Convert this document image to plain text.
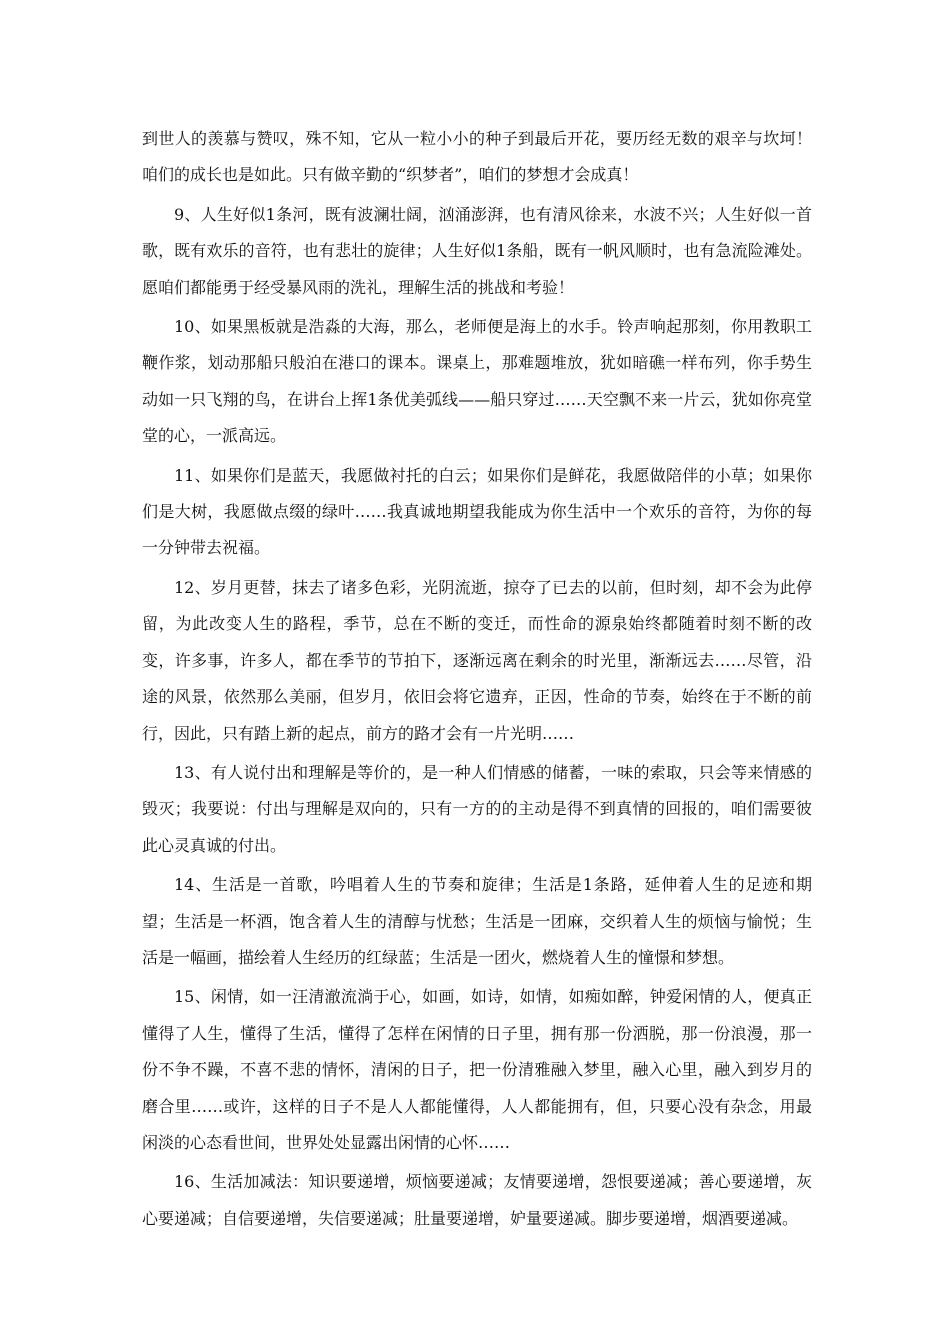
到世人的羡慕与赞叹，殊不知，它从一粒小小的种子到最后开花，要历经无数的艰辛与坎坷！咱们的成长也是如此。只有做辛勤的“织梦者”，咱们的梦想才会成真！

9、人生好似1条河，既有波澜壮阔，汹涌澎湃，也有清风徐来，水波不兴；人生好似一首歌，既有欢乐的音符，也有悲壮的旋律；人生好似1条船，既有一帆风顺时，也有急流险滩处。愿咱们都能勇于经受暴风雨的洗礼，理解生活的挑战和考验！

10、如果黑板就是浩淼的大海，那么，老师便是海上的水手。铃声响起那刻，你用教职工鞭作浆，划动那船只般泊在港口的课本。课桌上，那难题堆放，犹如暗礁一样布列，你手势生动如一只飞翔的鸟，在讲台上挥1条优美弧线——船只穿过……天空飘不来一片云，犹如你亮堂堂的心，一派高远。

11、如果你们是蓝天，我愿做衬托的白云；如果你们是鲜花，我愿做陪伴的小草；如果你们是大树，我愿做点缀的绿叶……我真诚地期望我能成为你生活中一个欢乐的音符，为你的每一分钟带去祝福。

12、岁月更替，抹去了诸多色彩，光阴流逝，掠夺了已去的以前，但时刻，却不会为此停留，为此改变人生的路程，季节，总在不断的变迁，而性命的源泉始终都随着时刻不断的改变，许多事，许多人，都在季节的节拍下，逐渐远离在剩余的时光里，渐渐远去……尽管，沿途的风景，依然那么美丽，但岁月，依旧会将它遗弃，正因，性命的节奏，始终在于不断的前行，因此，只有踏上新的起点，前方的路才会有一片光明……

13、有人说付出和理解是等价的，是一种人们情感的储蓄，一味的索取，只会等来情感的毁灭；我要说：付出与理解是双向的，只有一方的的主动是得不到真情的回报的，咱们需要彼此心灵真诚的付出。

14、生活是一首歌，吟唱着人生的节奏和旋律；生活是1条路，延伸着人生的足迹和期望；生活是一杯酒，饱含着人生的清醇与忧愁；生活是一团麻，交织着人生的烦恼与愉悦；生活是一幅画，描绘着人生经历的红绿蓝；生活是一团火，燃烧着人生的憧憬和梦想。

15、闲情，如一汪清澈流淌于心，如画，如诗，如情，如痴如醉，钟爱闲情的人，便真正懂得了人生，懂得了生活，懂得了怎样在闲情的日子里，拥有那一份洒脱，那一份浪漫，那一份不争不躁，不喜不悲的情怀，清闲的日子，把一份清雅融入梦里，融入心里，融入到岁月的磨合里……或许，这样的日子不是人人都能懂得，人人都能拥有，但，只要心没有杂念，用最闲淡的心态看世间，世界处处显露出闲情的心怀……

16、生活加减法：知识要递增，烦恼要递减；友情要递增，怨恨要递减；善心要递增，灰心要递减；自信要递增，失信要递减；肚量要递增，妒量要递减。脚步要递增，烟酒要递减。
